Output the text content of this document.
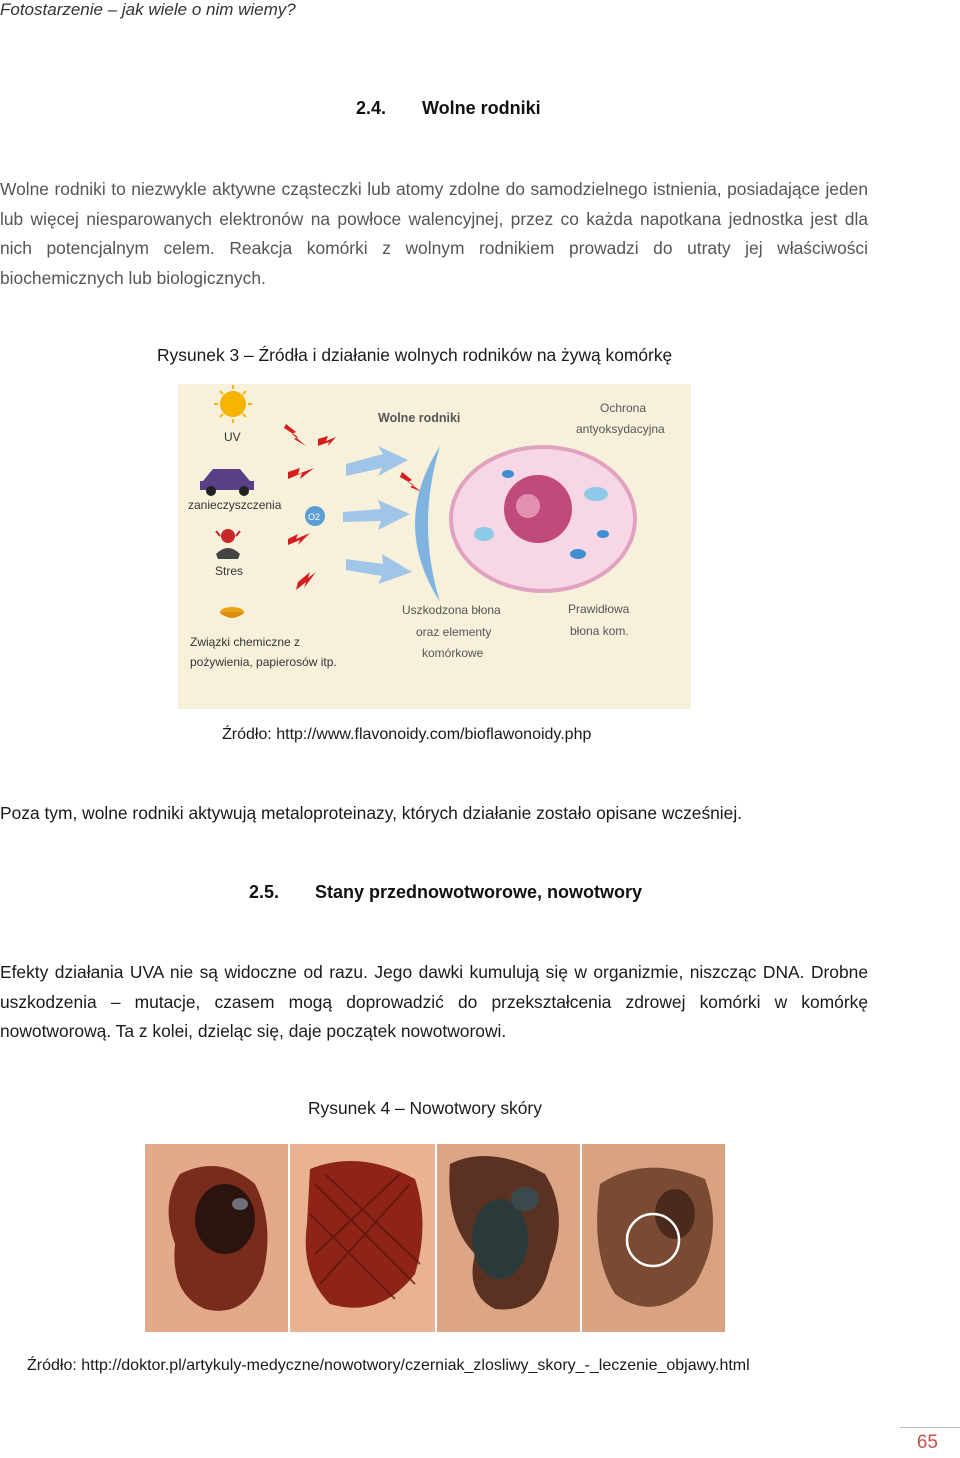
Fotostarzenie – jak wiele o nim wiemy?
2.4. Wolne rodniki
Wolne rodniki to niezwykle aktywne cząsteczki lub atomy zdolne do samodzielnego istnienia, posiadające jeden lub więcej niesparowanych elektronów na powłoce walencyjnej, przez co każda napotkana jednostka jest dla nich potencjalnym celem. Reakcja komórki z wolnym rodnikiem prowadzi do utraty jej właściwości biochemicznych lub biologicznych.
Rysunek 3 – Źródła i działanie wolnych rodników na żywą komórkę
UV
zanieczyszczenia
Stres
Związki chemiczne z
pożywienia, papierosów itp.
O2
Wolne rodniki
Ochrona
antyoksydacyjna
Uszkodzona błona
oraz elementy
komórkowe
Prawidłowa
błona kom.
Źródło: http://www.flavonoidy.com/bioflawonoidy.php
Poza tym, wolne rodniki aktywują metaloproteinazy, których działanie zostało opisane wcześniej.
2.5. Stany przednowotworowe, nowotwory
Efekty działania UVA nie są widoczne od razu. Jego dawki kumulują się w organizmie, niszcząc DNA. Drobne uszkodzenia – mutacje, czasem mogą doprowadzić do przekształcenia zdrowej komórki w komórkę nowotworową. Ta z kolei, dzieląc się, daje początek nowotworowi.
Rysunek 4 – Nowotwory skóry
Źródło: http://doktor.pl/artykuly-medyczne/nowotwory/czerniak_zlosliwy_skory_-_leczenie_objawy.html
65
